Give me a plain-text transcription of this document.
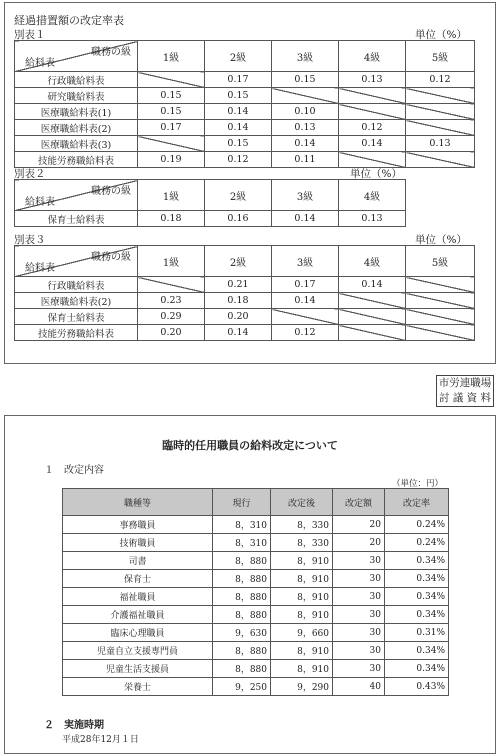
経過措置額の改定率表
別表１	単位（%）
職務の級
給料表	1級	2級	3級	4級	5級
行政職給料表		0.17	0.15	0.13	0.12
研究職給料表	0.15	0.15			
医療職給料表(1)	0.15	0.14	0.10		
医療職給料表(2)	0.17	0.14	0.13	0.12	
医療職給料表(3)		0.15	0.14	0.14	0.13
技能労務職給料表	0.19	0.12	0.11		
別表２	単位（%）
職務の級
給料表	1級	2級	3級	4級
保育士給料表	0.18	0.16	0.14	0.13
別表３	単位（%）
職務の級
給料表	1級	2級	3級	4級	5級
行政職給料表		0.21	0.17	0.14	
医療職給料表(2)	0.23	0.18	0.14		
保育士給料表	0.29	0.20			
技能労務職給料表	0.20	0.14	0.12		
市労連職場
討 議 資 料
臨時的任用職員の給料改定について
１　改定内容
（単位：円）
職種等	現行	改定後	改定額	改定率
事務職員	8，310	8，330	20	0.24%
技術職員	8，310	8，330	20	0.24%
司書	8，880	8，910	30	0.34%
保育士	8，880	8，910	30	0.34%
福祉職員	8，880	8，910	30	0.34%
介護福祉職員	8，880	8，910	30	0.34%
臨床心理職員	9，630	9，660	30	0.31%
児童自立支援専門員	8，880	8，910	30	0.34%
児童生活支援員	8，880	8，910	30	0.34%
栄養士	9，250	9，290	40	0.43%
２　実施時期
平成28年12月１日
